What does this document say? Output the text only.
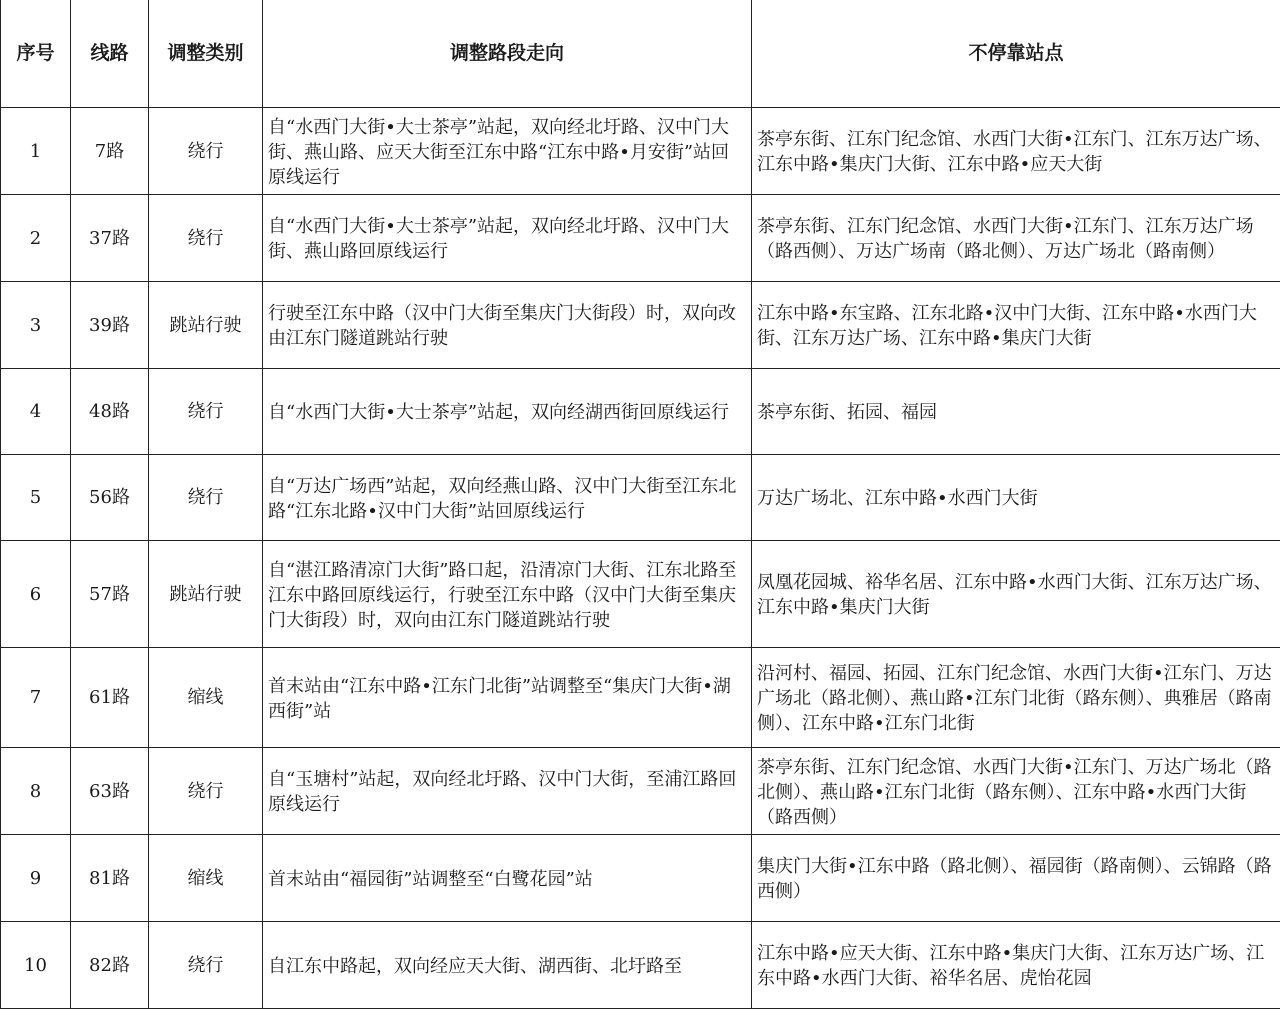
序号	线路	调整类别	调整路段走向	不停靠站点
1	7路	绕行	自“水西门大街•大士茶亭”站起，双向经北圩路、汉中门大街、燕山路、应天大街至江东中路“江东中路•月安街”站回原线运行	茶亭东街、江东门纪念馆、水西门大街•江东门、江东万达广场、江东中路•集庆门大街、江东中路•应天大街
2	37路	绕行	自“水西门大街•大士茶亭”站起，双向经北圩路、汉中门大街、燕山路回原线运行	茶亭东街、江东门纪念馆、水西门大街•江东门、江东万达广场（路西侧）、万达广场南（路北侧）、万达广场北（路南侧）
3	39路	跳站行驶	行驶至江东中路（汉中门大街至集庆门大街段）时，双向改由江东门隧道跳站行驶	江东中路•东宝路、江东北路•汉中门大街、江东中路•水西门大街、江东万达广场、江东中路•集庆门大街
4	48路	绕行	自“水西门大街•大士茶亭”站起，双向经湖西街回原线运行	茶亭东街、拓园、福园
5	56路	绕行	自“万达广场西”站起，双向经燕山路、汉中门大街至江东北路“江东北路•汉中门大街”站回原线运行	万达广场北、江东中路•水西门大街
6	57路	跳站行驶	自“湛江路清凉门大街”路口起，沿清凉门大街、江东北路至江东中路回原线运行，行驶至江东中路（汉中门大街至集庆门大街段）时，双向由江东门隧道跳站行驶	凤凰花园城、裕华名居、江东中路•水西门大街、江东万达广场、江东中路•集庆门大街
7	61路	缩线	首末站由“江东中路•江东门北街”站调整至“集庆门大街•湖西街”站	沿河村、福园、拓园、江东门纪念馆、水西门大街•江东门、万达广场北（路北侧）、燕山路•江东门北街（路东侧）、典雅居（路南侧）、江东中路•江东门北街
8	63路	绕行	自“玉塘村”站起，双向经北圩路、汉中门大街，至浦江路回原线运行	茶亭东街、江东门纪念馆、水西门大街•江东门、万达广场北（路北侧）、燕山路•江东门北街（路东侧）、江东中路•水西门大街（路西侧）
9	81路	缩线	首末站由“福园街”站调整至“白鹭花园”站	集庆门大街•江东中路（路北侧）、福园街（路南侧）、云锦路（路西侧）
10	82路	绕行	自江东中路起，双向经应天大街、湖西街、北圩路至	江东中路•应天大街、江东中路•集庆门大街、江东万达广场、江东中路•水西门大街、裕华名居、虎怡花园
